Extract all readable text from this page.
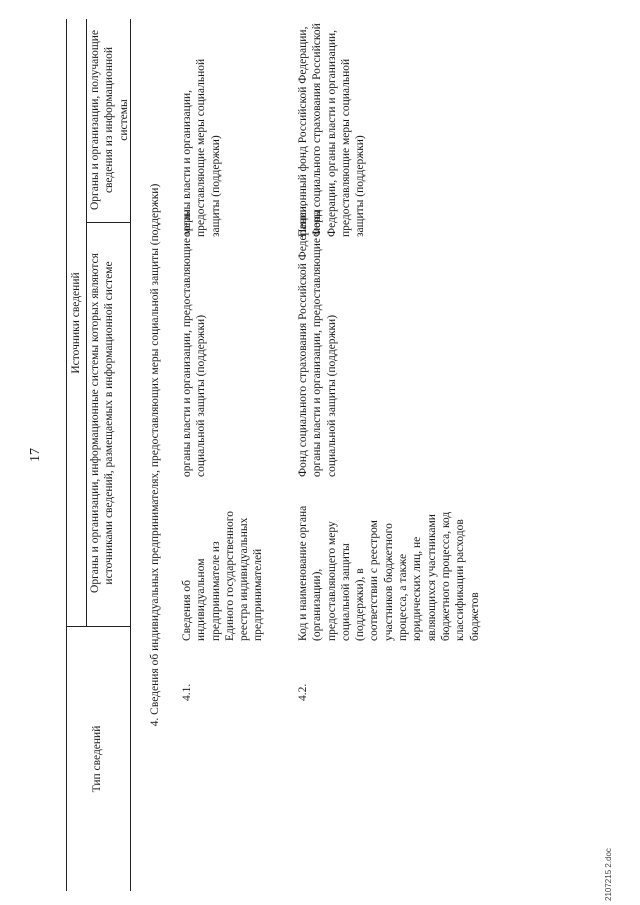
17
Тип сведений
Источники сведений Органы и организации, информационные системы которых являются источниками сведений, размещаемых в информационной системе
Органы и организации, получающие сведения из информационной системы
4. Сведения об индивидуальных предпринимателях, предоставляющих меры социальной защиты (поддержки) 4.1.
Сведения об индивидуальном предпринимателе из Единого государственного реестра индивидуальных предпринимателей
органы власти и организации, предоставляющие меры социальной защиты (поддержки)
органы власти и организации, предоставляющие меры социальной защиты (поддержки)
4.2.
Код и наименование органа (организации), предоставляющего меру социальной защиты (поддержки), в соответствии с реестром участников бюджетного процесса, а также юридических лиц, не являющихся участниками бюджетного процесса, код классификации расходов бюджетов
Фонд социального страхования Российской Федерации, органы власти и организации, предоставляющие меры социальной защиты (поддержки)
Пенсионный фонд Российской Федерации, Фонд социального страхования Российской Федерации, органы власти и организации, предоставляющие меры социальной защиты (поддержки)
2107215 2.doc
